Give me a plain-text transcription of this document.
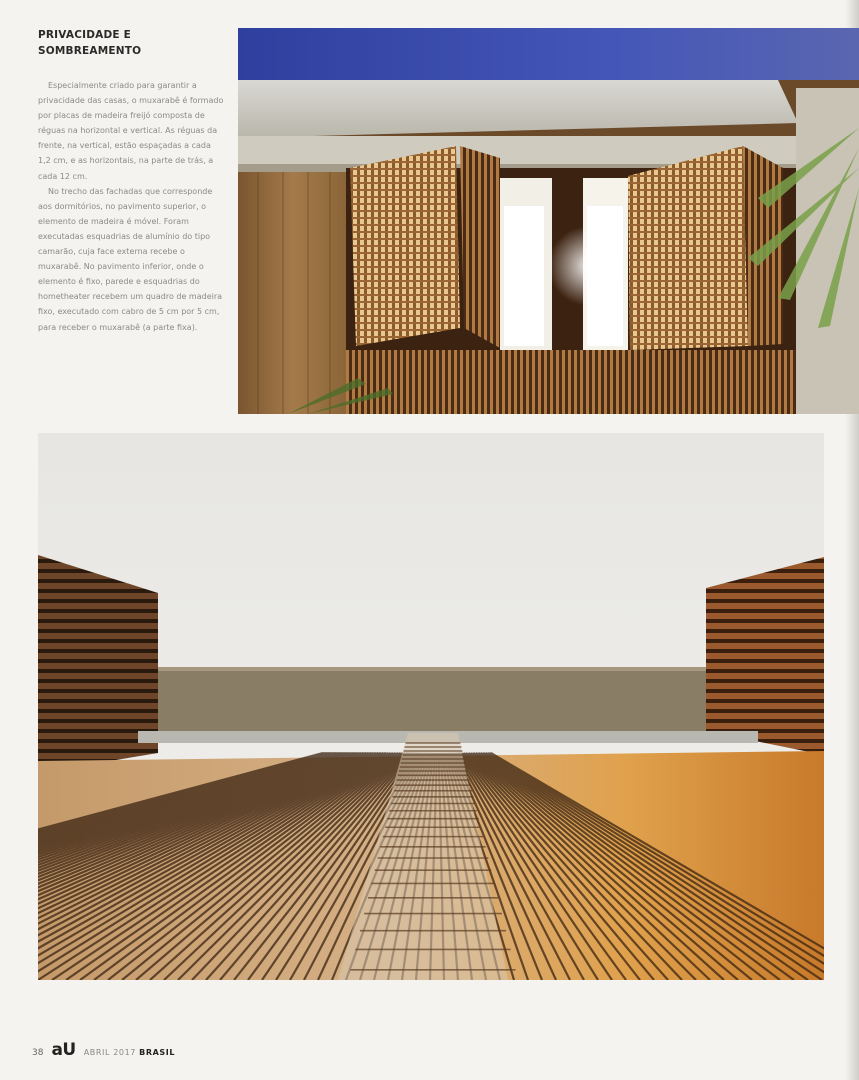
PRIVACIDADE E SOMBREAMENTO

Especialmente criado para garantir a privacidade das casas, o muxarabê é formado por placas de madeira freijó composta de réguas na horizontal e vertical. As réguas da frente, na vertical, estão espaçadas a cada 1,2 cm, e as horizontais, na parte de trás, a cada 12 cm.

No trecho das fachadas que corresponde aos dormitórios, no pavimento superior, o elemento de madeira é móvel. Foram executadas esquadrias de alumínio do tipo camarão, cuja face externa recebe o muxarabê. No pavimento inferior, onde o elemento é fixo, parede e esquadrias do hometheater recebem um quadro de madeira fixo, executado com cabro de 5 cm por 5 cm, para receber o muxarabê (a parte fixa).

38 aU ABRIL 2017 BRASIL
